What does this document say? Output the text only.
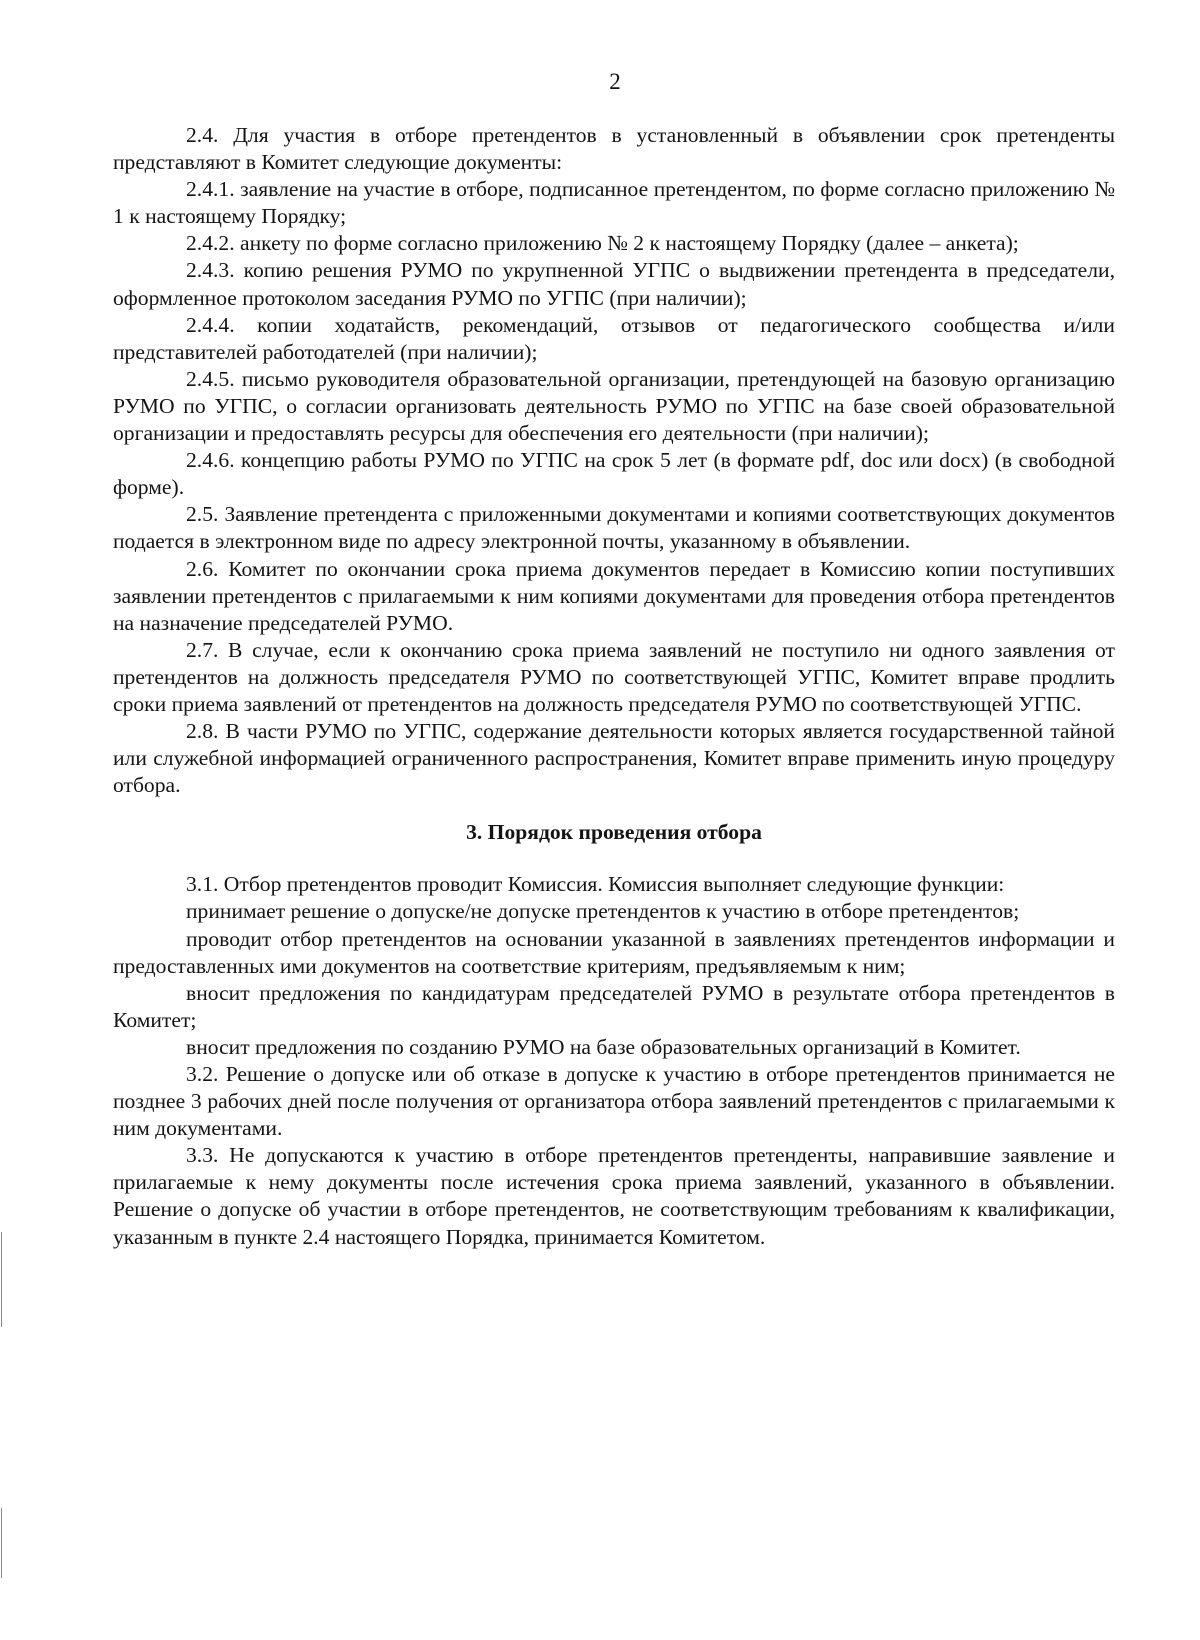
2

2.4. Для участия в отборе претендентов в установленный в объявлении срок претенденты представляют в Комитет следующие документы:

2.4.1. заявление на участие в отборе, подписанное претендентом, по форме согласно приложению № 1 к настоящему Порядку;

2.4.2. анкету по форме согласно приложению № 2 к настоящему Порядку (далее – анкета);

2.4.3. копию решения РУМО по укрупненной УГПС о выдвижении претендента в председатели, оформленное протоколом заседания РУМО по УГПС (при наличии);

2.4.4. копии ходатайств, рекомендаций, отзывов от педагогического сообщества и/или представителей работодателей (при наличии);

2.4.5. письмо руководителя образовательной организации, претендующей на базовую организацию РУМО по УГПС, о согласии организовать деятельность РУМО по УГПС на базе своей образовательной организации и предоставлять ресурсы для обеспечения его деятельности (при наличии);

2.4.6. концепцию работы РУМО по УГПС на срок 5 лет (в формате pdf, doc или docx) (в свободной форме).

2.5. Заявление претендента с приложенными документами и копиями соответствующих документов подается в электронном виде по адресу электронной почты, указанному в объявлении.

2.6. Комитет по окончании срока приема документов передает в Комиссию копии поступивших заявлении претендентов с прилагаемыми к ним копиями документами для проведения отбора претендентов на назначение председателей РУМО.

2.7. В случае, если к окончанию срока приема заявлений не поступило ни одного заявления от претендентов на должность председателя РУМО по соответствующей УГПС, Комитет вправе продлить сроки приема заявлений от претендентов на должность председателя РУМО по соответствующей УГПС.

2.8. В части РУМО по УГПС, содержание деятельности которых является государственной тайной или служебной информацией ограниченного распространения, Комитет вправе применить иную процедуру отбора.

3. Порядок проведения отбора

3.1. Отбор претендентов проводит Комиссия. Комиссия выполняет следующие функции:

принимает решение о допуске/не допуске претендентов к участию в отборе претендентов;

проводит отбор претендентов на основании указанной в заявлениях претендентов информации и предоставленных ими документов на соответствие критериям, предъявляемым к ним;

вносит предложения по кандидатурам председателей РУМО в результате отбора претендентов в Комитет;

вносит предложения по созданию РУМО на базе образовательных организаций в Комитет.

3.2. Решение о допуске или об отказе в допуске к участию в отборе претендентов принимается не позднее 3 рабочих дней после получения от организатора отбора заявлений претендентов с прилагаемыми к ним документами.

3.3. Не допускаются к участию в отборе претендентов претенденты, направившие заявление и прилагаемые к нему документы после истечения срока приема заявлений, указанного в объявлении. Решение о допуске об участии в отборе претендентов, не соответствующим требованиям к квалификации, указанным в пункте 2.4 настоящего Порядка, принимается Комитетом.
